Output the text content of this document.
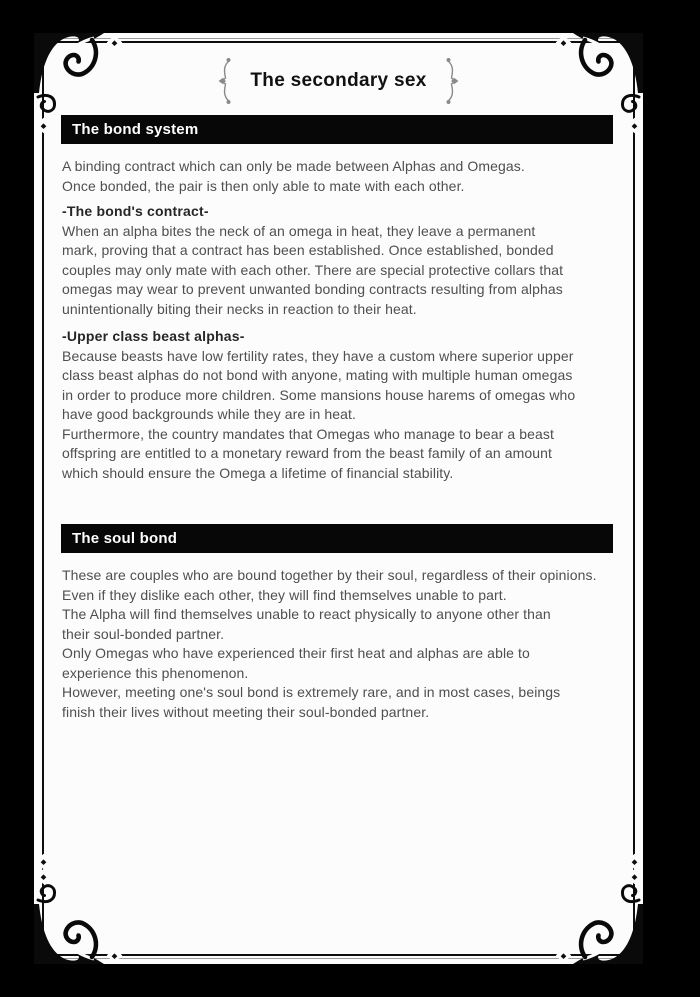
The secondary sex
The bond system
A binding contract which can only be made between Alphas and Omegas.
Once bonded, the pair is then only able to mate with each other.
-The bond's contract-
When an alpha bites the neck of an omega in heat, they leave a permanent
mark, proving that a contract has been established. Once established, bonded
couples may only mate with each other. There are special protective collars that
omegas may wear to prevent unwanted bonding contracts resulting from alphas
unintentionally biting their necks in reaction to their heat.
-Upper class beast alphas-
Because beasts have low fertility rates, they have a custom where superior upper
class beast alphas do not bond with anyone, mating with multiple human omegas
in order to produce more children. Some mansions house harems of omegas who
have good backgrounds while they are in heat.
Furthermore, the country mandates that Omegas who manage to bear a beast
offspring are entitled to a monetary reward from the beast family of an amount
which should ensure the Omega a lifetime of financial stability.
The soul bond
These are couples who are bound together by their soul, regardless of their opinions.
Even if they dislike each other, they will find themselves unable to part.
The Alpha will find themselves unable to react physically to anyone other than
their soul-bonded partner.
Only Omegas who have experienced their first heat and alphas are able to
experience this phenomenon.
However, meeting one's soul bond is extremely rare, and in most cases, beings
finish their lives without meeting their soul-bonded partner.
